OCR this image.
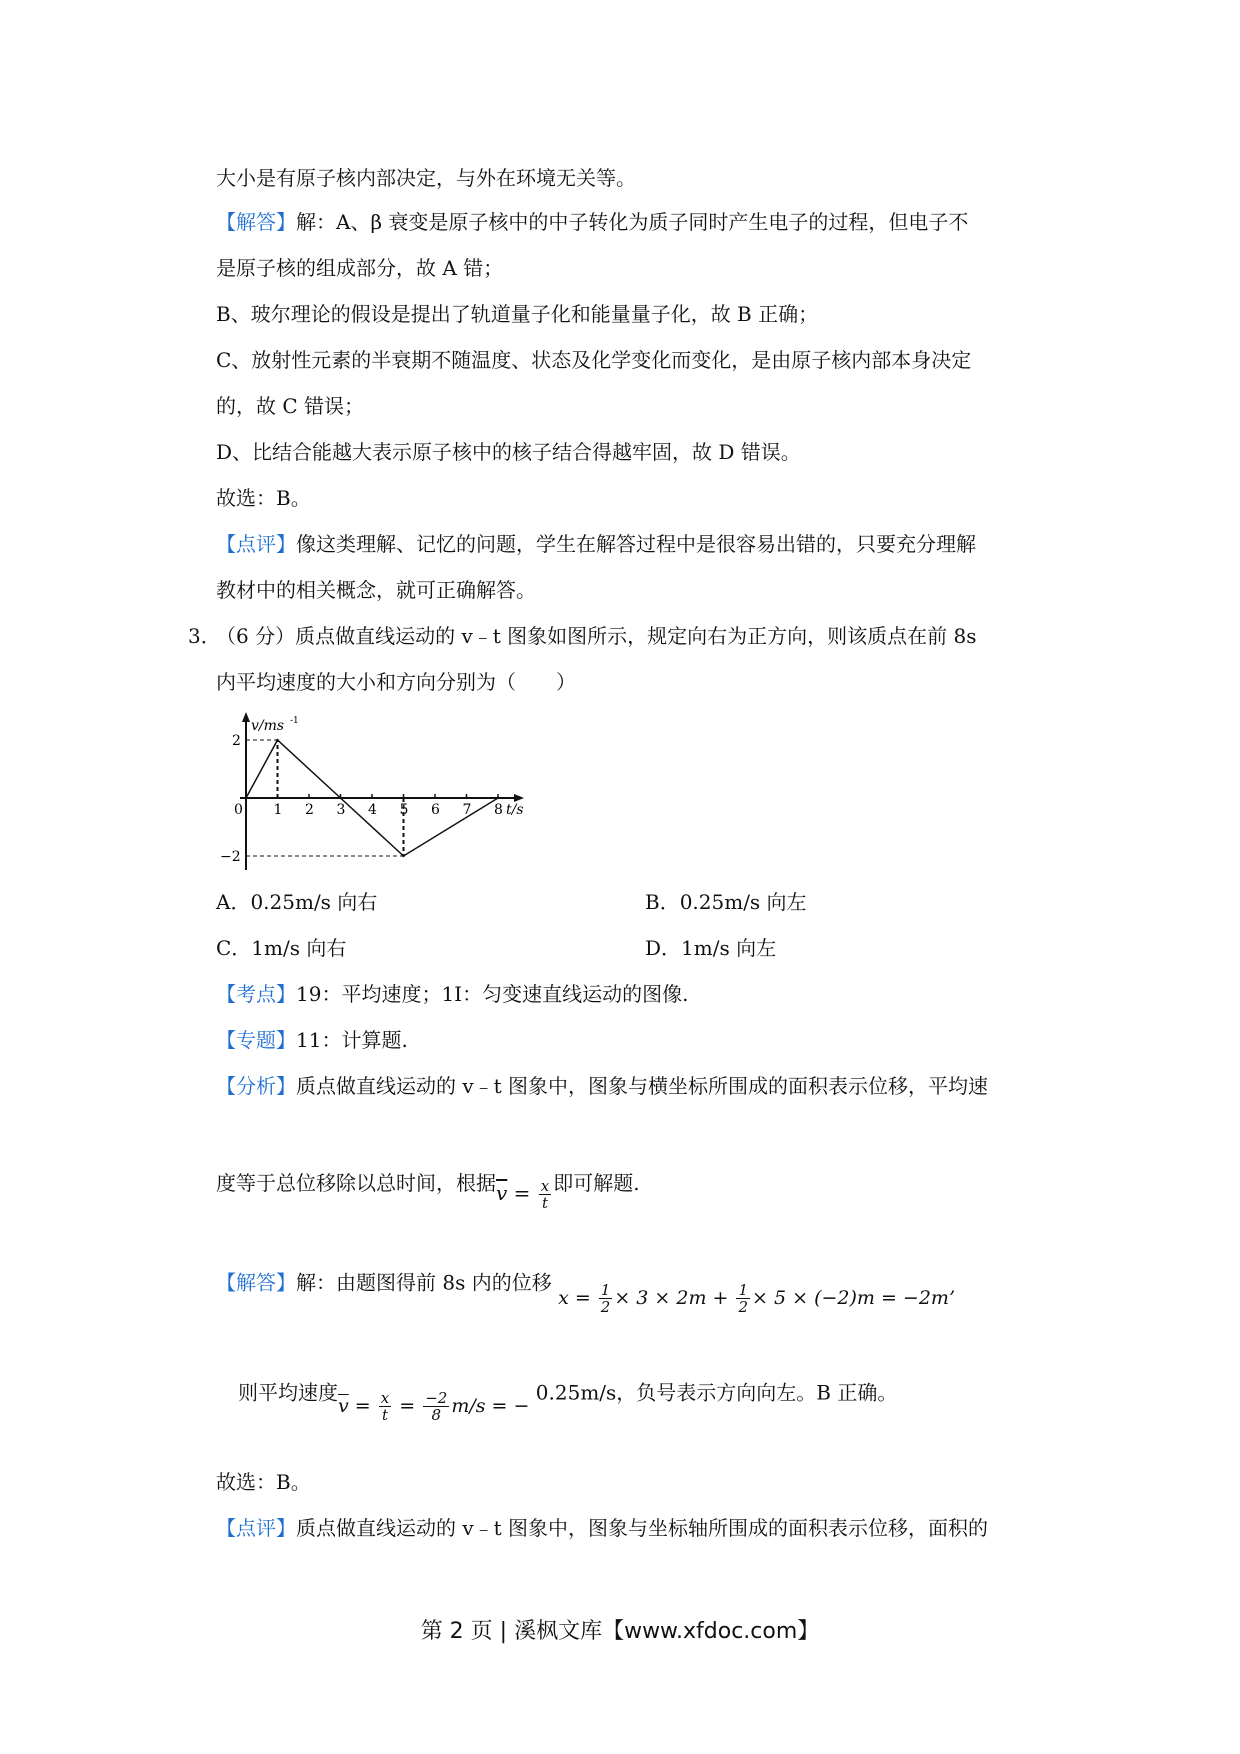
大小是有原子核内部决定，与外在环境无关等。
【解答】解：A、β 衰变是原子核中的中子转化为质子同时产生电子的过程，但电子不
是原子核的组成部分，故 A 错；
B、玻尔理论的假设是提出了轨道量子化和能量量子化，故 B 正确；
C、放射性元素的半衰期不随温度、状态及化学变化而变化，是由原子核内部本身决定
的，故 C 错误；
D、比结合能越大表示原子核中的核子结合得越牢固，故 D 错误。
故选：B。
【点评】像这类理解、记忆的问题，学生在解答过程中是很容易出错的，只要充分理解
教材中的相关概念，就可正确解答。
3．
（6 分）质点做直线运动的 v﹣t 图象如图所示，规定向右为正方向，则该质点在前 8s
内平均速度的大小和方向分别为（　　）
v/ms -1
t/s
0 1 2 3 4 5 6 7 8
2
−2
A．0.25m/s 向右	B．0.25m/s 向左
C．1m/s 向右	D．1m/s 向左
【考点】19：平均速度；1I：匀变速直线运动的图像.
【专题】11：计算题.
【分析】质点做直线运动的 v﹣t 图象中，图象与横坐标所围成的面积表示位移，平均速
度等于总位移除以总时间，根据$\overline{v} = \frac{x}{t}$ 即可解题.
【解答】解：由题图得前 8s 内的位移 $x = \frac{1}{2} \times 3 \times 2m + \frac{1}{2} \times 5 \times (-2)m = -2m$’
则平均速度$\overline{v} = \frac{x}{t} = \frac{-2}{8} m/s$ = − 0.25m/s，负号表示方向向左。B 正确。
故选：B。
【点评】质点做直线运动的 v﹣t 图象中，图象与坐标轴所围成的面积表示位移，面积的
第 2 页 | 溪枫文库【www.xfdoc.com】
